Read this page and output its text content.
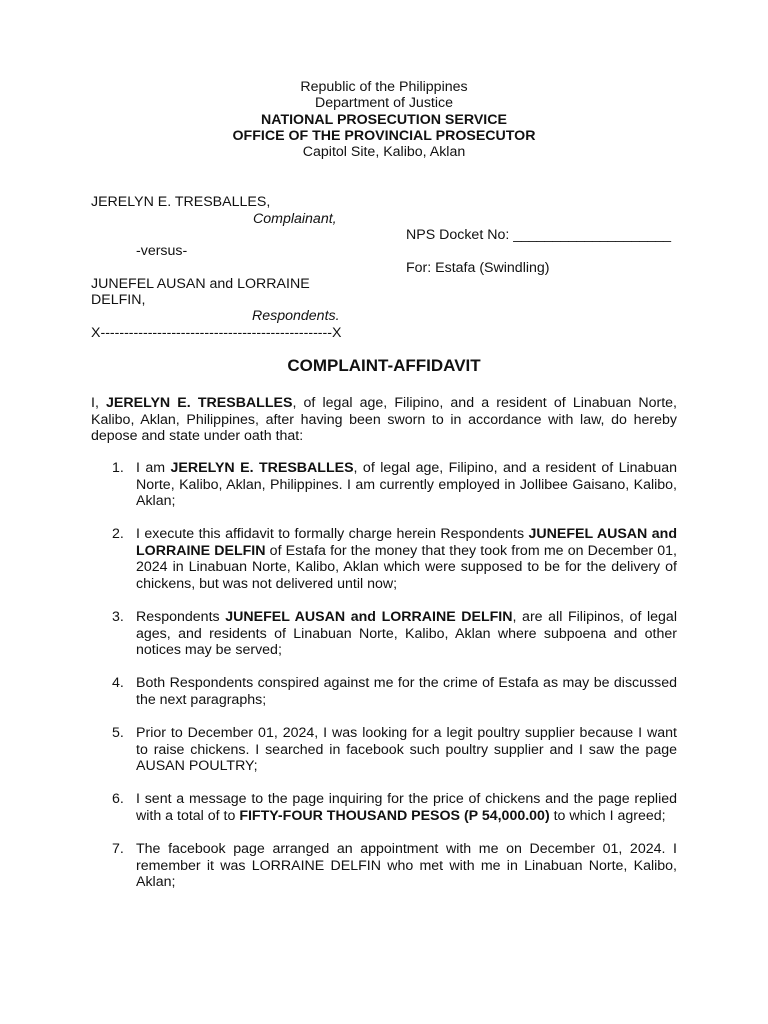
Republic of the Philippines
Department of Justice
NATIONAL PROSECUTION SERVICE
OFFICE OF THE PROVINCIAL PROSECUTOR
Capitol Site, Kalibo, Aklan
JERELYN E. TRESBALLES,
Complainant,
-versus-
JUNEFEL AUSAN and LORRAINE
DELFIN,
Respondents.
X-------------------------------------------------X
NPS Docket No: ____________________
For: Estafa (Swindling)
COMPLAINT-AFFIDAVIT
I, JERELYN E. TRESBALLES, of legal age, Filipino, and a resident of Linabuan Norte, Kalibo, Aklan, Philippines, after having been sworn to in accordance with law, do hereby depose and state under oath that:
1. I am JERELYN E. TRESBALLES, of legal age, Filipino, and a resident of Linabuan Norte, Kalibo, Aklan, Philippines. I am currently employed in Jollibee Gaisano, Kalibo, Aklan;
2. I execute this affidavit to formally charge herein Respondents JUNEFEL AUSAN and LORRAINE DELFIN of Estafa for the money that they took from me on December 01, 2024 in Linabuan Norte, Kalibo, Aklan which were supposed to be for the delivery of chickens, but was not delivered until now;
3. Respondents JUNEFEL AUSAN and LORRAINE DELFIN, are all Filipinos, of legal ages, and residents of Linabuan Norte, Kalibo, Aklan where subpoena and other notices may be served;
4. Both Respondents conspired against me for the crime of Estafa as may be discussed the next paragraphs;
5. Prior to December 01, 2024, I was looking for a legit poultry supplier because I want to raise chickens. I searched in facebook such poultry supplier and I saw the page AUSAN POULTRY;
6. I sent a message to the page inquiring for the price of chickens and the page replied with a total of to FIFTY-FOUR THOUSAND PESOS (P 54,000.00) to which I agreed;
7. The facebook page arranged an appointment with me on December 01, 2024. I remember it was LORRAINE DELFIN who met with me in Linabuan Norte, Kalibo, Aklan;
